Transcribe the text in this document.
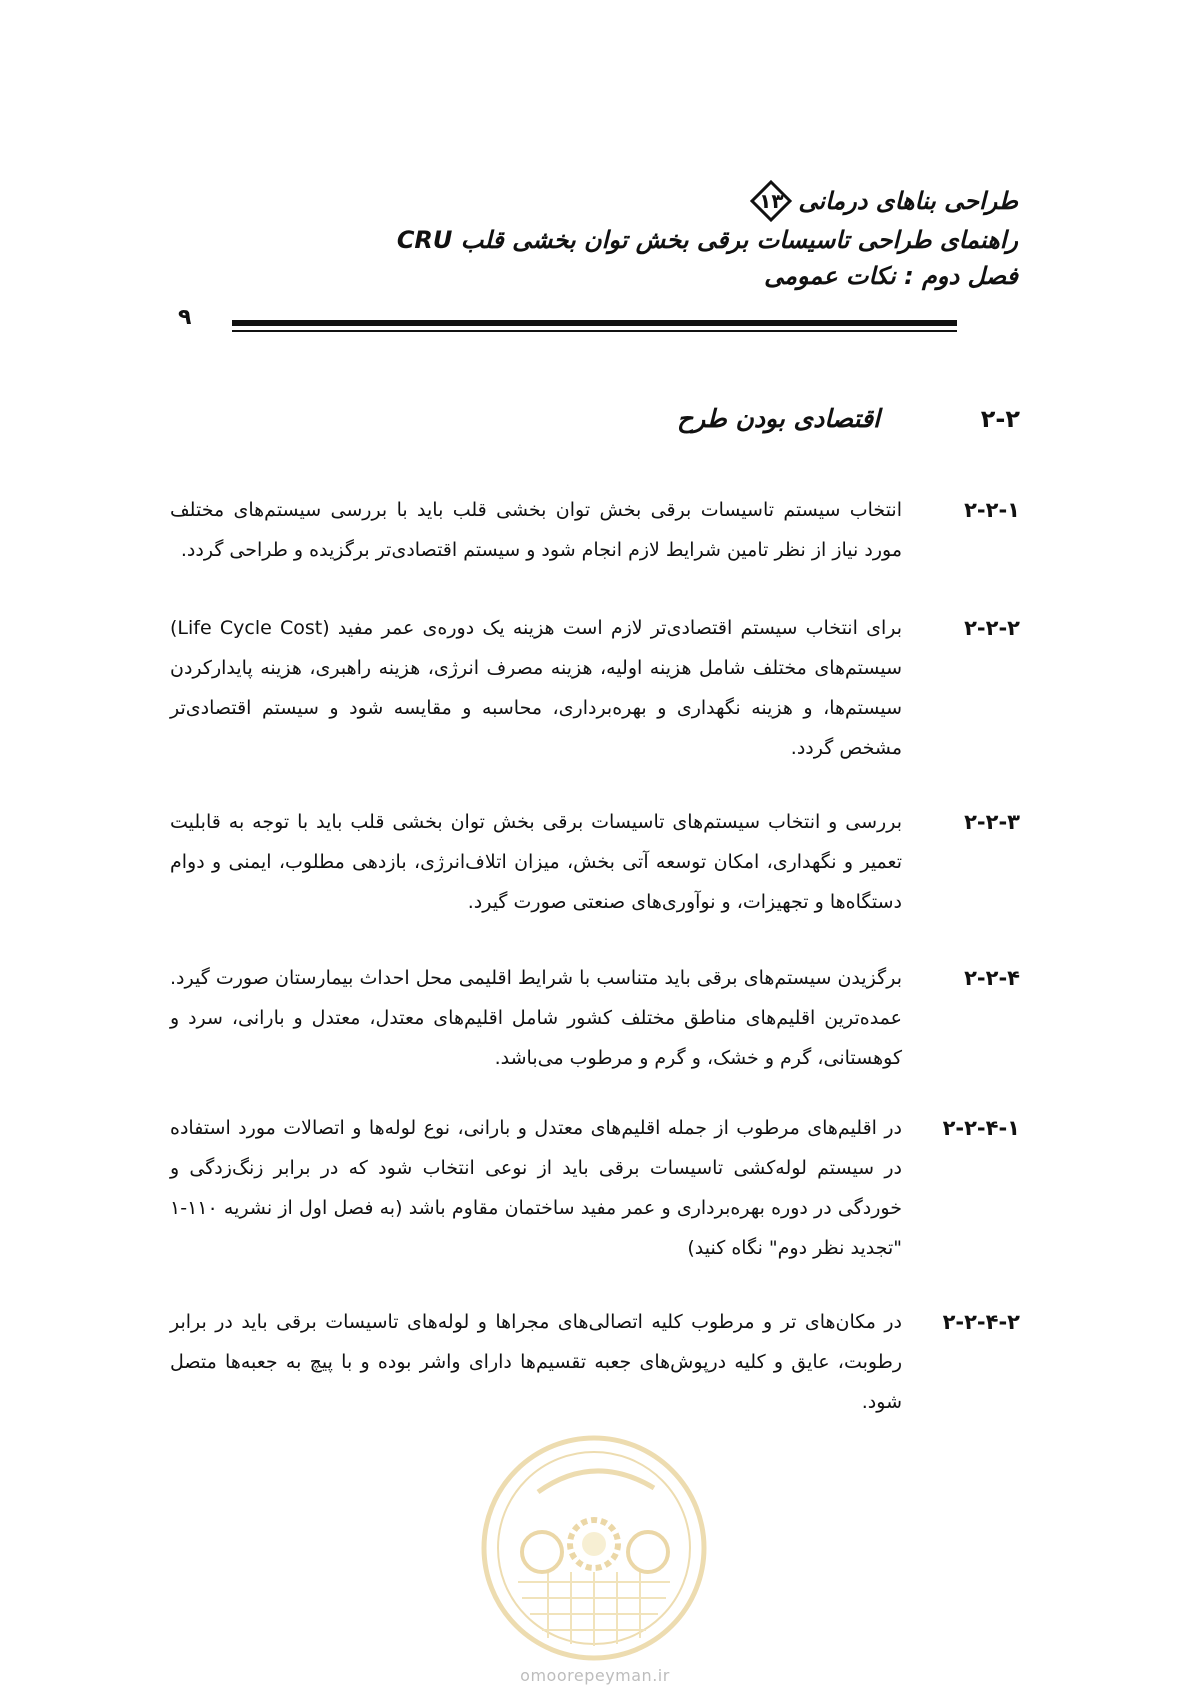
طراحی بناهای درمانی
۱۳
راهنمای طراحی تاسیسات برقی بخش توان بخشی قلب CRU
فصل دوم : نکات عمومی
۹
۲-۲
اقتصادی بودن طرح
۲-۲-۱
انتخاب سیستم تاسیسات برقی بخش توان بخشی قلب باید با بررسی سیستم‌های مختلف مورد نیاز از نظر تامین شرایط لازم انجام شود و سیستم اقتصادی‌تر برگزیده و طراحی گردد.
۲-۲-۲
برای انتخاب سیستم اقتصادی‌تر لازم است هزینه یک دوره‌ی عمر مفید (Life Cycle Cost) سیستم‌های مختلف شامل هزینه اولیه، هزینه مصرف انرژی، هزینه راهبری، هزینه پایدارکردن سیستم‌ها، و هزینه نگهداری و بهره‌برداری، محاسبه و مقایسه شود و سیستم اقتصادی‌تر مشخص گردد.
۲-۲-۳
بررسی و انتخاب سیستم‌های تاسیسات برقی بخش توان بخشی قلب باید با توجه به قابلیت تعمیر و نگهداری، امکان توسعه آتی بخش، میزان اتلاف‌انرژی، بازدهی مطلوب، ایمنی و دوام دستگاه‌ها و تجهیزات، و نوآوری‌های صنعتی صورت گیرد.
۲-۲-۴
برگزیدن سیستم‌های برقی باید متناسب با شرایط اقلیمی محل احداث بیمارستان صورت گیرد. عمده‌ترین اقلیم‌های مناطق مختلف کشور شامل اقلیم‌های معتدل، معتدل و بارانی، سرد و کوهستانی، گرم و خشک، و گرم و مرطوب می‌باشد.
۲-۲-۴-۱
در اقلیم‌های مرطوب از جمله اقلیم‌های معتدل و بارانی، نوع لوله‌ها و اتصالات مورد استفاده در سیستم لوله‌کشی تاسیسات برقی باید از نوعی انتخاب شود که در برابر زنگ‌زدگی و خوردگی در دوره بهره‌برداری و عمر مفید ساختمان مقاوم باشد (به فصل اول از نشریه ۱۱۰-۱ "تجدید نظر دوم" نگاه کنید)
۲-۲-۴-۲
در مکان‌های تر و مرطوب کلیه اتصالی‌های مجراها و لوله‌های تاسیسات برقی باید در برابر رطوبت، عایق و کلیه درپوش‌های جعبه تقسیم‌ها دارای واشر بوده و با پیچ به جعبه‌ها متصل شود.
omoorepeyman.ir
